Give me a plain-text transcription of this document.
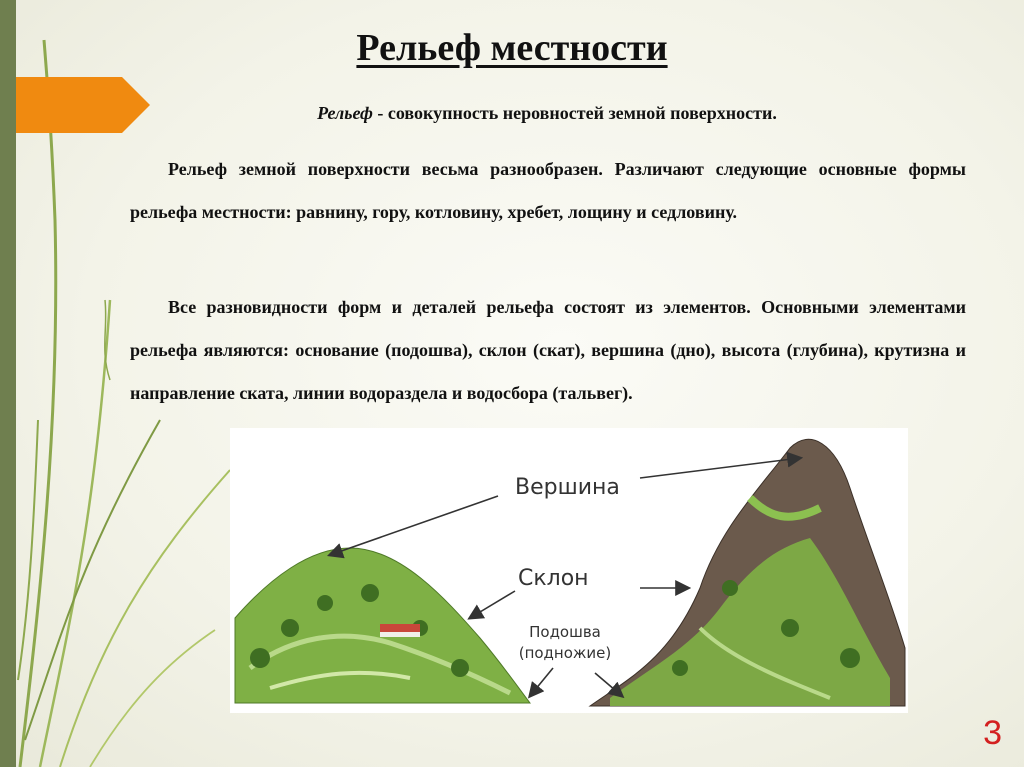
Рельеф местности
Рельеф - совокупность неровностей земной поверхности.
Рельеф земной поверхности весьма разнообразен. Различают следующие основные формы рельефа местности: равнину, гору, котловину, хребет, лощину и седловину.
Все разновидности форм и деталей рельефа состоят из элементов. Основными элементами рельефа являются: основание (подошва), склон (скат), вершина (дно), высота (глубина), крутизна и направление ската, линии водораздела и водосбора (тальвег).
Вершина
Склон
Подошва
(подножие)
3
